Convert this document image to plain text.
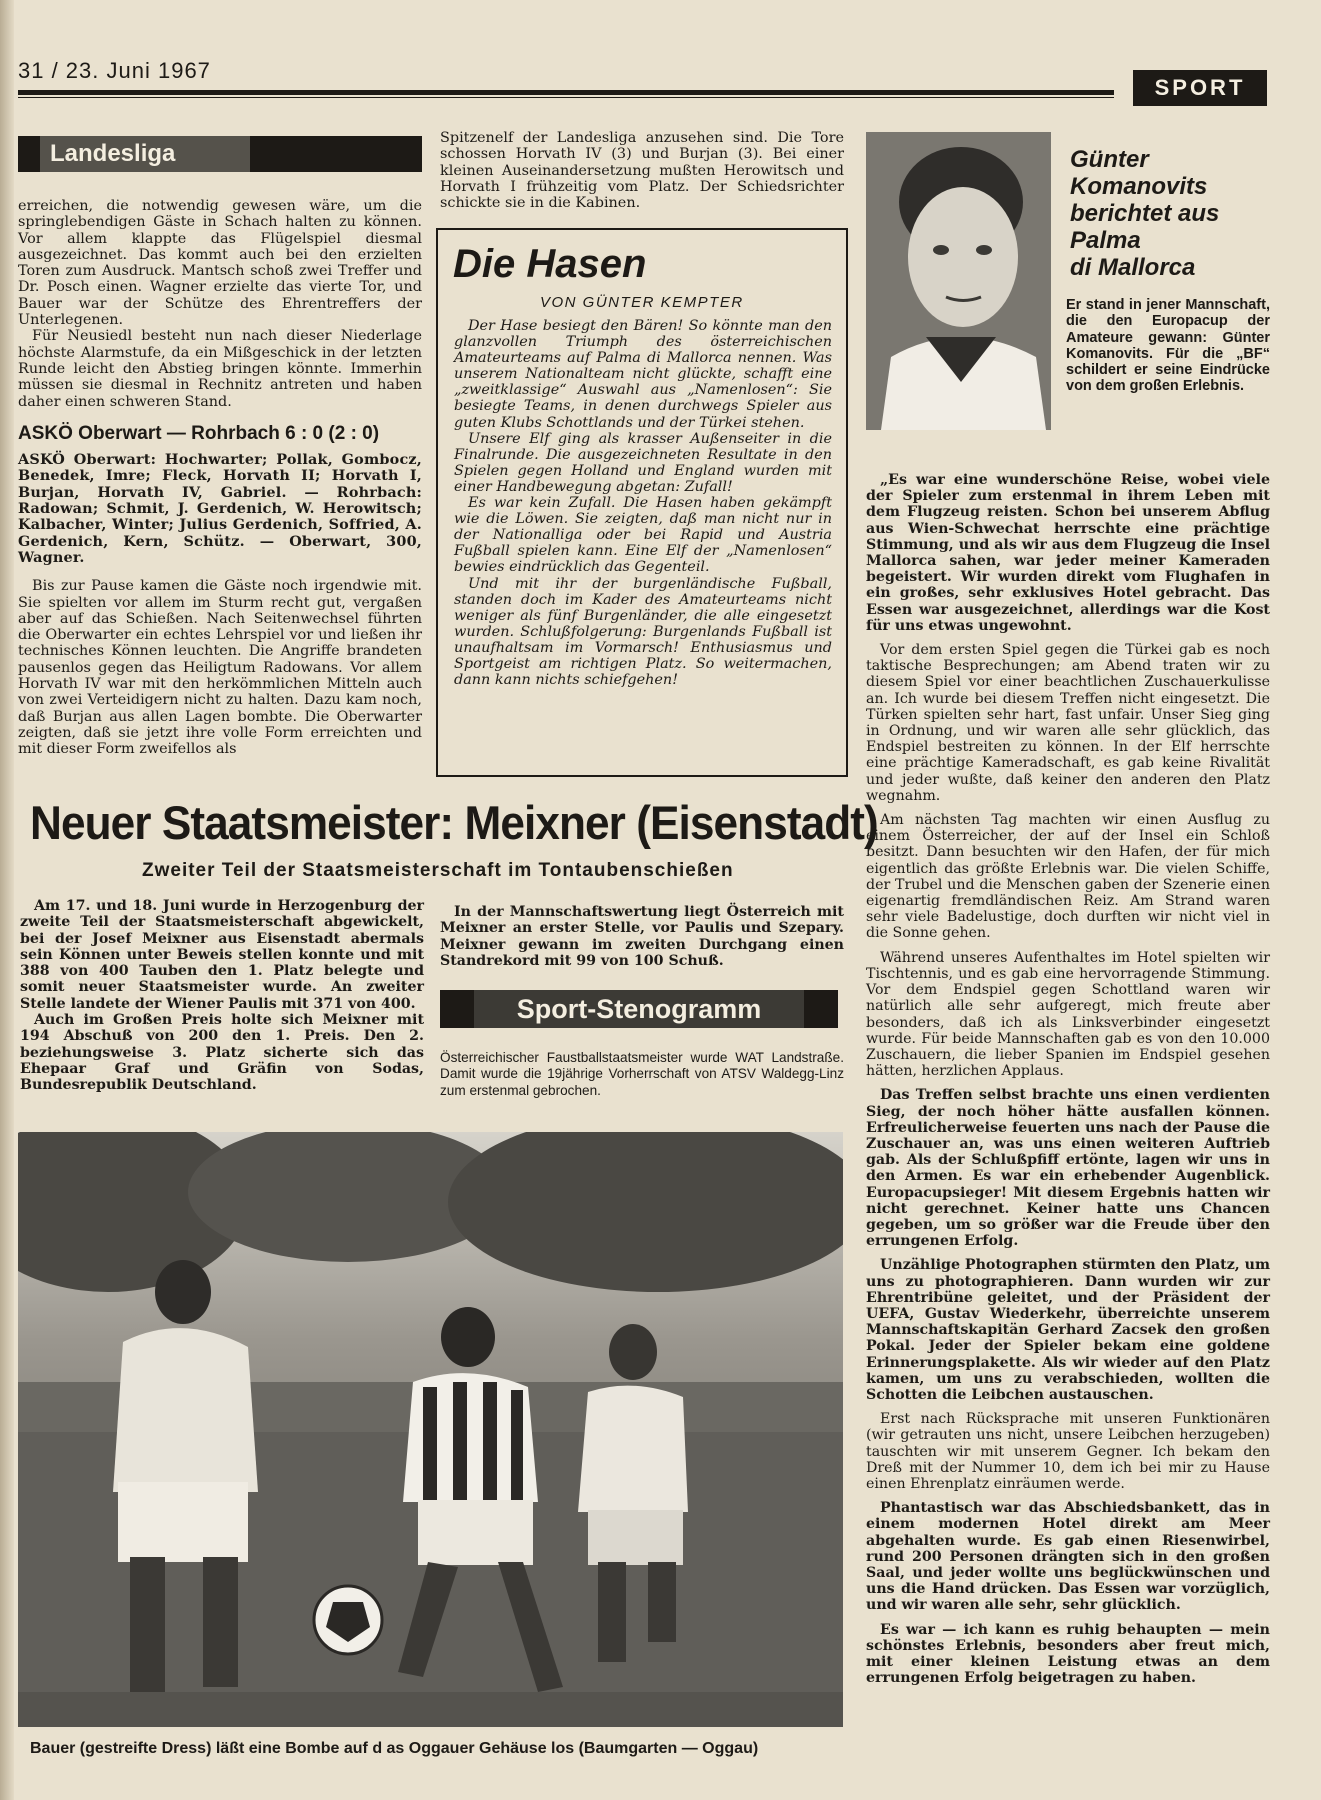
31 / 23. Juni 1967
SPORT
Landesliga

erreichen, die notwendig gewesen wäre, um die springlebendigen Gäste in Schach halten zu können. Vor allem klappte das Flügelspiel diesmal ausgezeichnet. Das kommt auch bei den erzielten Toren zum Ausdruck. Mantsch schoß zwei Treffer und Dr. Posch einen. Wagner erzielte das vierte Tor, und Bauer war der Schütze des Ehrentreffers der Unterlegenen.

Für Neusiedl besteht nun nach dieser Niederlage höchste Alarmstufe, da ein Mißgeschick in der letzten Runde leicht den Abstieg bringen könnte. Immerhin müssen sie diesmal in Rechnitz antreten und haben daher einen schweren Stand.

ASKÖ Oberwart — Rohrbach 6 : 0 (2 : 0)

ASKÖ Oberwart: Hochwarter; Pollak, Gombocz, Benedek, Imre; Fleck, Horvath II; Horvath I, Burjan, Horvath IV, Gabriel. — Rohrbach: Radowan; Schmit, J. Gerdenich, W. Herowitsch; Kalbacher, Winter; Julius Gerdenich, Soffried, A. Gerdenich, Kern, Schütz. — Oberwart, 300, Wagner.

Bis zur Pause kamen die Gäste noch irgendwie mit. Sie spielten vor allem im Sturm recht gut, vergaßen aber auf das Schießen. Nach Seitenwechsel führten die Oberwarter ein echtes Lehrspiel vor und ließen ihr technisches Können leuchten. Die Angriffe brandeten pausenlos gegen das Heiligtum Radowans. Vor allem Horvath IV war mit den herkömmlichen Mitteln auch von zwei Verteidigern nicht zu halten. Dazu kam noch, daß Burjan aus allen Lagen bombte. Die Oberwarter zeigten, daß sie jetzt ihre volle Form erreichten und mit dieser Form zweifellos als

Spitzenelf der Landesliga anzusehen sind. Die Tore schossen Horvath IV (3) und Burjan (3). Bei einer kleinen Auseinandersetzung mußten Herowitsch und Horvath I frühzeitig vom Platz. Der Schiedsrichter schickte sie in die Kabinen.
Die Hasen
VON GÜNTER KEMPTER

Der Hase besiegt den Bären! So könnte man den glanzvollen Triumph des österreichischen Amateurteams auf Palma di Mallorca nennen. Was unserem Nationalteam nicht glückte, schafft eine „zweitklassige“ Auswahl aus „Namenlosen“: Sie besiegte Teams, in denen durchwegs Spieler aus guten Klubs Schottlands und der Türkei stehen.

Unsere Elf ging als krasser Außenseiter in die Finalrunde. Die ausgezeichneten Resultate in den Spielen gegen Holland und England wurden mit einer Handbewegung abgetan: Zufall!

Es war kein Zufall. Die Hasen haben gekämpft wie die Löwen. Sie zeigten, daß man nicht nur in der Nationalliga oder bei Rapid und Austria Fußball spielen kann. Eine Elf der „Namenlosen“ bewies eindrücklich das Gegenteil.

Und mit ihr der burgenländische Fußball, standen doch im Kader des Amateurteams nicht weniger als fünf Burgenländer, die alle eingesetzt wurden. Schlußfolgerung: Burgenlands Fußball ist unaufhaltsam im Vormarsch! Enthusiasmus und Sportgeist am richtigen Platz. So weitermachen, dann kann nichts schiefgehen!

Neuer Staatsmeister: Meixner (Eisenstadt)
Zweiter Teil der Staatsmeisterschaft im Tontaubenschießen

Am 17. und 18. Juni wurde in Herzogenburg der zweite Teil der Staatsmeisterschaft abgewickelt, bei der Josef Meixner aus Eisenstadt abermals sein Können unter Beweis stellen konnte und mit 388 von 400 Tauben den 1. Platz belegte und somit neuer Staatsmeister wurde. An zweiter Stelle landete der Wiener Paulis mit 371 von 400.

Auch im Großen Preis holte sich Meixner mit 194 Abschuß von 200 den 1. Preis. Den 2. beziehungsweise 3. Platz sicherte sich das Ehepaar Graf und Gräfin von Sodas, Bundesrepublik Deutschland.

In der Mannschaftswertung liegt Österreich mit Meixner an erster Stelle, vor Paulis und Szepary. Meixner gewann im zweiten Durchgang einen Standrekord mit 99 von 100 Schuß.

Sport-Stenogramm
Österreichischer Faustballstaatsmeister wurde WAT Landstraße. Damit wurde die 19jährige Vorherrschaft von ATSV Waldegg-Linz zum erstenmal gebrochen.
Bauer (gestreifte Dress) läßt eine Bombe auf d as Oggauer Gehäuse los (Baumgarten — Oggau)
Günter
Komanovits
berichtet aus
Palma
di Mallorca
Er stand in jener Mannschaft, die den Europacup der Amateure gewann: Günter Komanovits. Für die „BF“ schildert er seine Eindrücke von dem großen Erlebnis.

„Es war eine wunderschöne Reise, wobei viele der Spieler zum erstenmal in ihrem Leben mit dem Flugzeug reisten. Schon bei unserem Abflug aus Wien-Schwechat herrschte eine prächtige Stimmung, und als wir aus dem Flugzeug die Insel Mallorca sahen, war jeder meiner Kameraden begeistert. Wir wurden direkt vom Flughafen in ein großes, sehr exklusives Hotel gebracht. Das Essen war ausgezeichnet, allerdings war die Kost für uns etwas ungewohnt.

Vor dem ersten Spiel gegen die Türkei gab es noch taktische Besprechungen; am Abend traten wir zu diesem Spiel vor einer beachtlichen Zuschauerkulisse an. Ich wurde bei diesem Treffen nicht eingesetzt. Die Türken spielten sehr hart, fast unfair. Unser Sieg ging in Ordnung, und wir waren alle sehr glücklich, das Endspiel bestreiten zu können. In der Elf herrschte eine prächtige Kameradschaft, es gab keine Rivalität und jeder wußte, daß keiner den anderen den Platz wegnahm.

Am nächsten Tag machten wir einen Ausflug zu einem Österreicher, der auf der Insel ein Schloß besitzt. Dann besuchten wir den Hafen, der für mich eigentlich das größte Erlebnis war. Die vielen Schiffe, der Trubel und die Menschen gaben der Szenerie einen eigenartig fremdländischen Reiz. Am Strand waren sehr viele Badelustige, doch durften wir nicht viel in die Sonne gehen.

Während unseres Aufenthaltes im Hotel spielten wir Tischtennis, und es gab eine hervorragende Stimmung. Vor dem Endspiel gegen Schottland waren wir natürlich alle sehr aufgeregt, mich freute aber besonders, daß ich als Linksverbinder eingesetzt wurde. Für beide Mannschaften gab es von den 10.000 Zuschauern, die lieber Spanien im Endspiel gesehen hätten, herzlichen Applaus.

Das Treffen selbst brachte uns einen verdienten Sieg, der noch höher hätte ausfallen können. Erfreulicherweise feuerten uns nach der Pause die Zuschauer an, was uns einen weiteren Auftrieb gab. Als der Schlußpfiff ertönte, lagen wir uns in den Armen. Es war ein erhebender Augenblick. Europacupsieger! Mit diesem Ergebnis hatten wir nicht gerechnet. Keiner hatte uns Chancen gegeben, um so größer war die Freude über den errungenen Erfolg.

Unzählige Photographen stürmten den Platz, um uns zu photographieren. Dann wurden wir zur Ehrentribüne geleitet, und der Präsident der UEFA, Gustav Wiederkehr, überreichte unserem Mannschaftskapitän Gerhard Zacsek den großen Pokal. Jeder der Spieler bekam eine goldene Erinnerungsplakette. Als wir wieder auf den Platz kamen, um uns zu verabschieden, wollten die Schotten die Leibchen austauschen.

Erst nach Rücksprache mit unseren Funktionären (wir getrauten uns nicht, unsere Leibchen herzugeben) tauschten wir mit unserem Gegner. Ich bekam den Dreß mit der Nummer 10, dem ich bei mir zu Hause einen Ehrenplatz einräumen werde.

Phantastisch war das Abschiedsbankett, das in einem modernen Hotel direkt am Meer abgehalten wurde. Es gab einen Riesenwirbel, rund 200 Personen drängten sich in den großen Saal, und jeder wollte uns beglückwünschen und uns die Hand drücken. Das Essen war vorzüglich, und wir waren alle sehr, sehr glücklich.

Es war — ich kann es ruhig behaupten — mein schönstes Erlebnis, besonders aber freut mich, mit einer kleinen Leistung etwas an dem errungenen Erfolg beigetragen zu haben.
